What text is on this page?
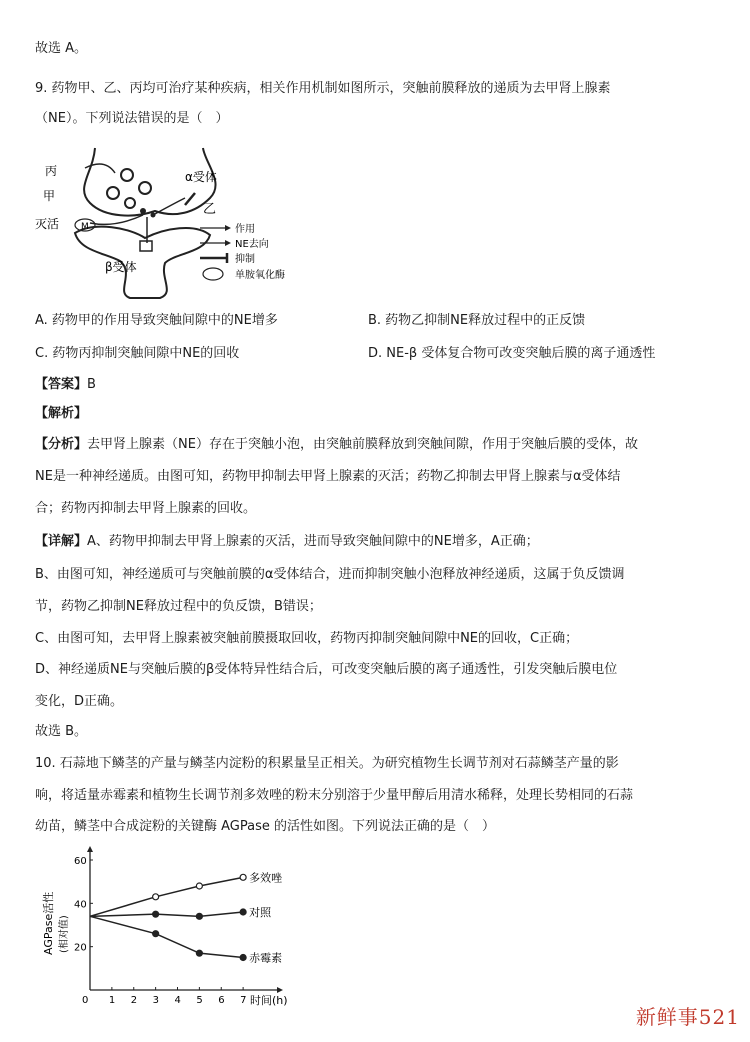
故选 A。
9. 药物甲、乙、丙均可治疗某种疾病，相关作用机制如图所示，突触前膜释放的递质为去甲肾上腺素
（NE）。下列说法错误的是（　）
M
丙
甲
灭活
α受体
乙
β受体
作用
NE去向
抑制
单胺氧化酶
A. 药物甲的作用导致突触间隙中的NE增多	B. 药物乙抑制NE释放过程中的正反馈
C. 药物丙抑制突触间隙中NE的回收	D. NE-β 受体复合物可改变突触后膜的离子通透性
【答案】B
【解析】
【分析】去甲肾上腺素（NE）存在于突触小泡，由突触前膜释放到突触间隙，作用于突触后膜的受体，故
NE是一种神经递质。由图可知，药物甲抑制去甲肾上腺素的灭活；药物乙抑制去甲肾上腺素与α受体结
合；药物丙抑制去甲肾上腺素的回收。
【详解】A、药物甲抑制去甲肾上腺素的灭活，进而导致突触间隙中的NE增多，A正确；
B、由图可知，神经递质可与突触前膜的α受体结合，进而抑制突触小泡释放神经递质，这属于负反馈调
节，药物乙抑制NE释放过程中的负反馈，B错误；
C、由图可知，去甲肾上腺素被突触前膜摄取回收，药物丙抑制突触间隙中NE的回收，C正确；
D、神经递质NE与突触后膜的β受体特异性结合后，可改变突触后膜的离子通透性，引发突触后膜电位
变化，D正确。
故选 B。
10. 石蒜地下鳞茎的产量与鳞茎内淀粉的积累量呈正相关。为研究植物生长调节剂对石蒜鳞茎产量的影
响，将适量赤霉素和植物生长调节剂多效唑的粉末分别溶于少量甲醇后用清水稀释，处理长势相同的石蒜
幼苗，鳞茎中合成淀粉的关键酶 AGPase 的活性如图。下列说法正确的是（　）
0 1 2 3 4 5 6 7
20
40
60
多效唑
对照
赤霉素
AGPase活性 (相对值)
时间(h)
新鲜事521
